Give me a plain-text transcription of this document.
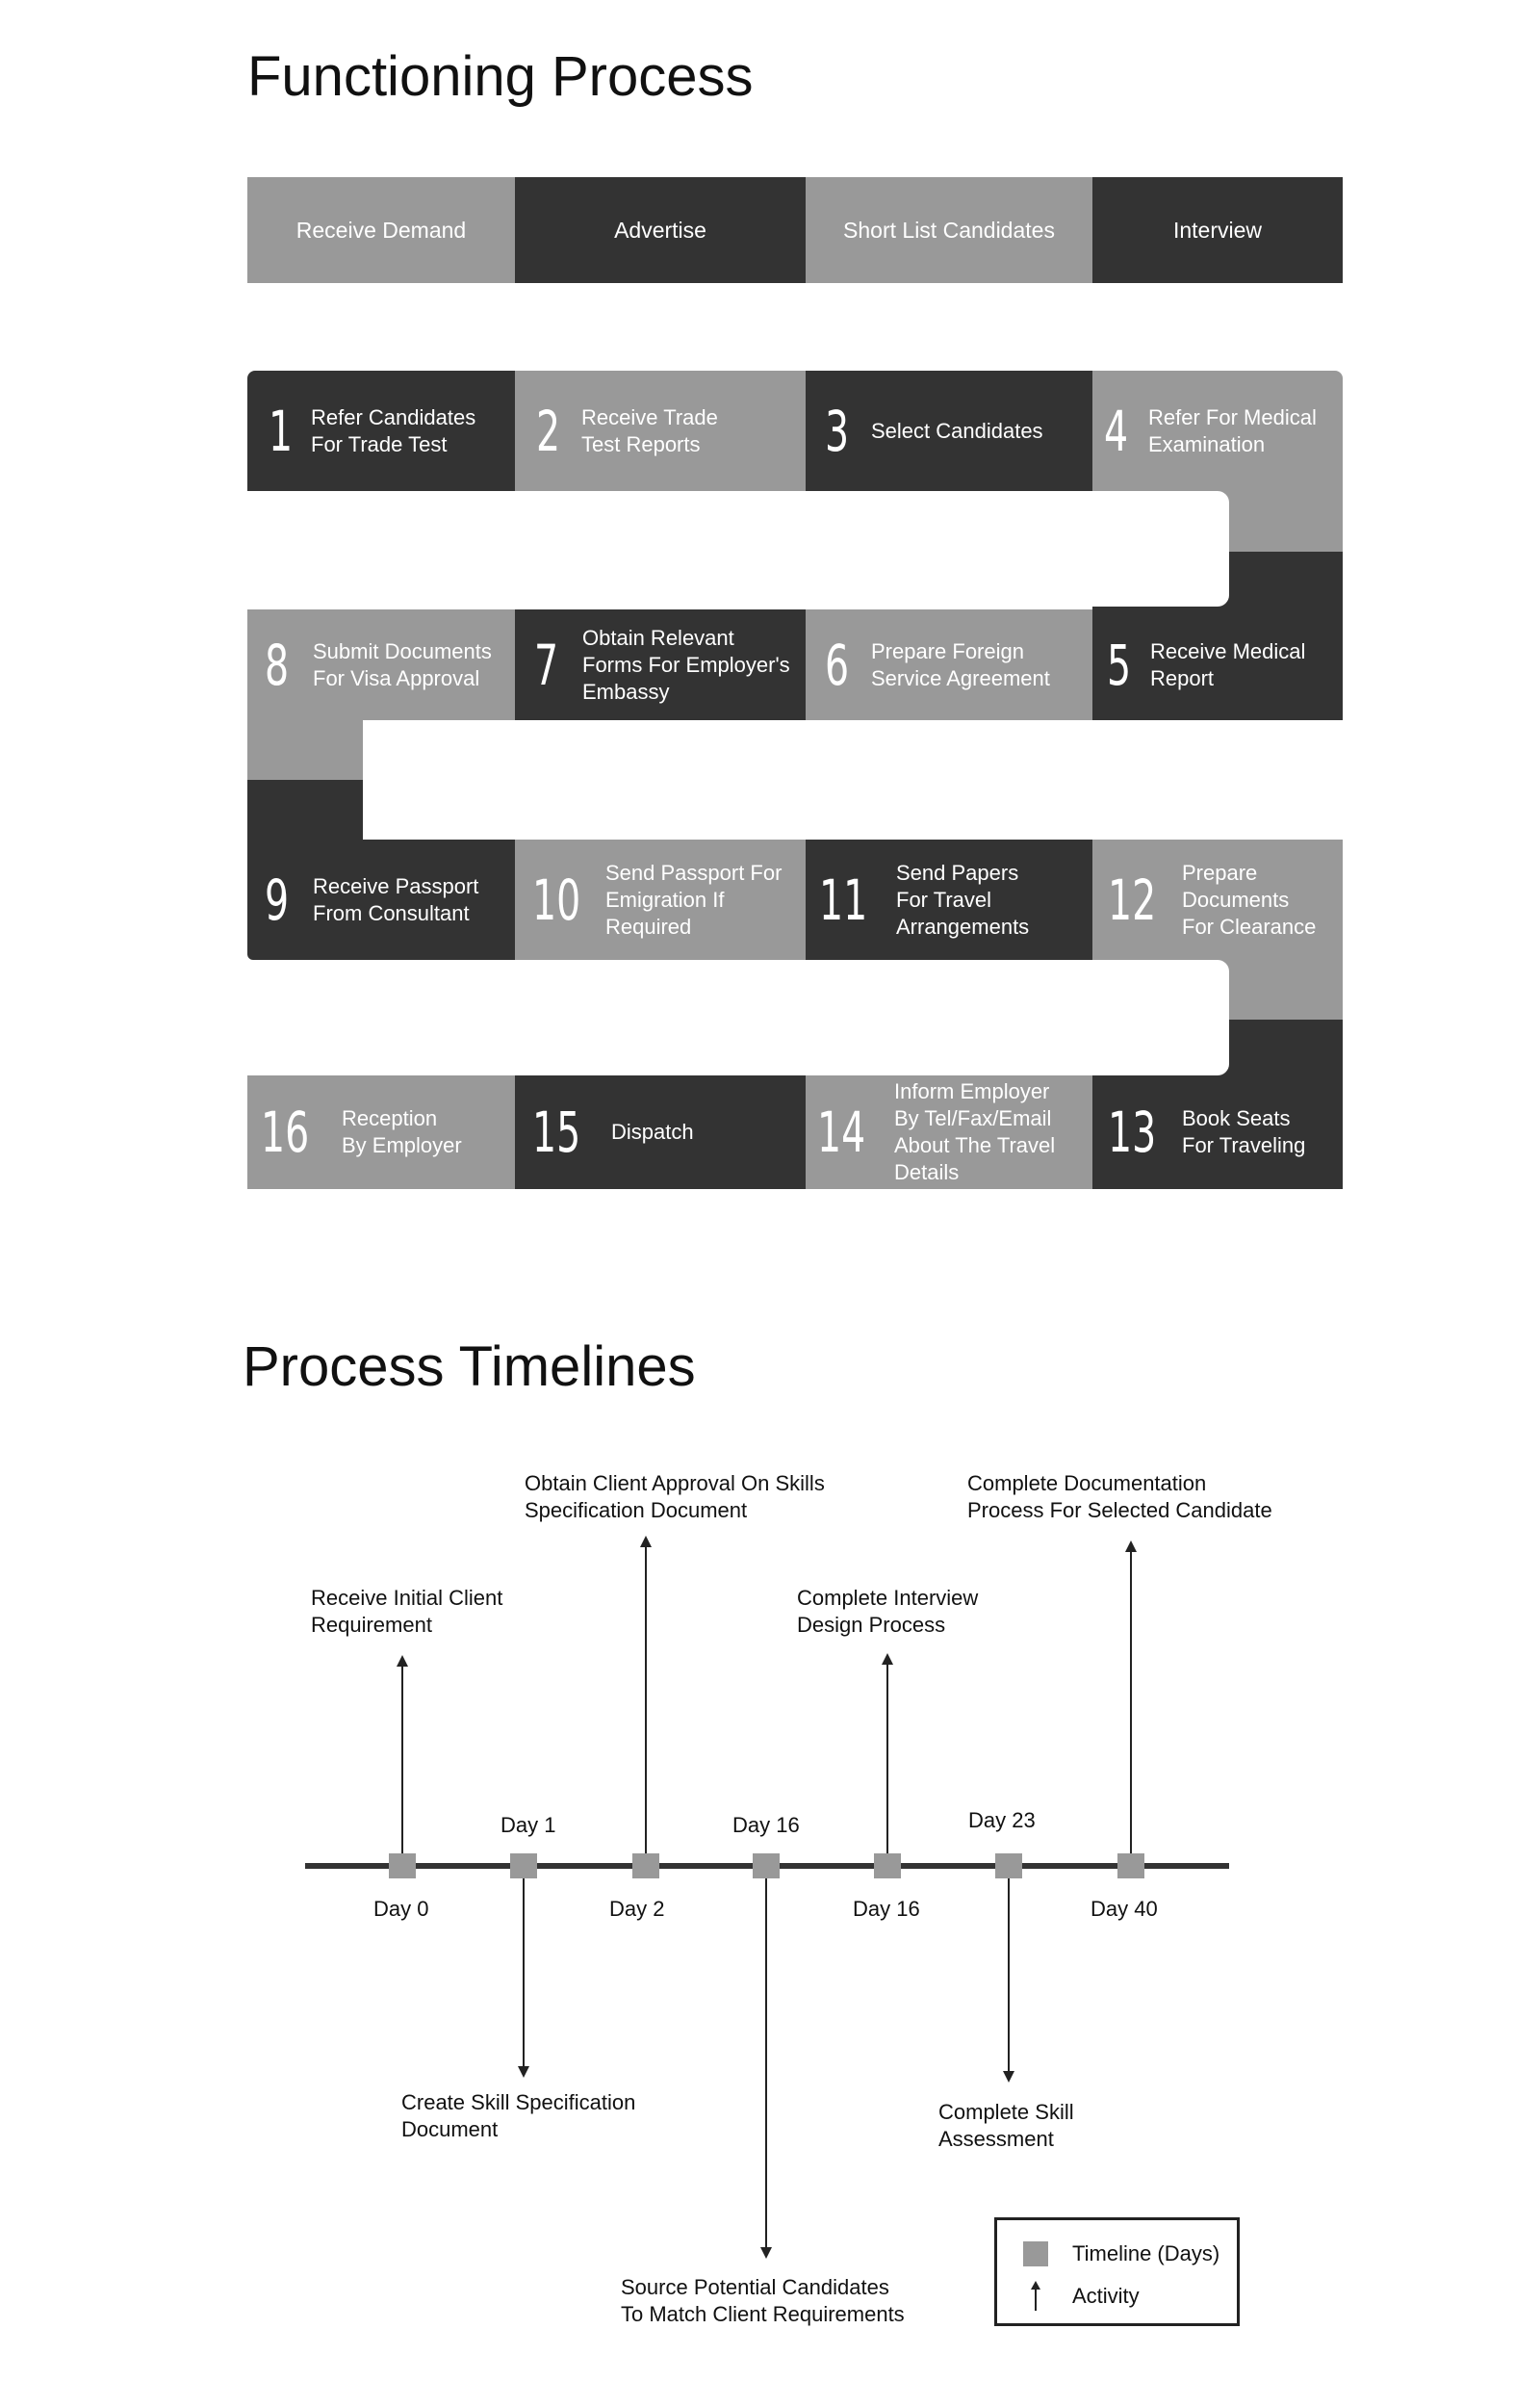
Functioning Process
Process Timelines
Receive Demand	Advertise	Short List Candidates	Interview
1 Refer Candidates
For Trade Test	2 Receive Trade
Test Reports	3	Select Candidates 4 Refer For Medical
Examination
8	Submit Documents
For Visa Approval 7	Obtain Relevant
Forms For Employer's
Embassy	6	Prepare Foreign
Service Agreement 5 Receive Medical
Report
9	Receive Passport
From Consultant 10 Send Passport For
Emigration If
Required	11 Send Papers
For Travel
Arrangements 12 Prepare
Documents
For Clearance
16	Reception
By Employer 15 Dispatch 14
Inform Employer
By Tel/Fax/Email
About The Travel
Details
13 Book Seats
For Traveling
Day 0
Day 1
Day 2
Day 16
Day 16
Day 23
Day 40
Receive Initial Client
Requirement
Create Skill Specification
Document
Obtain Client Approval On Skills
Specification Document
Source Potential Candidates
To Match Client Requirements
Complete Interview
Design Process
Complete Skill
Assessment
Complete Documentation
Process For Selected Candidate
Timeline (Days)
Activity
